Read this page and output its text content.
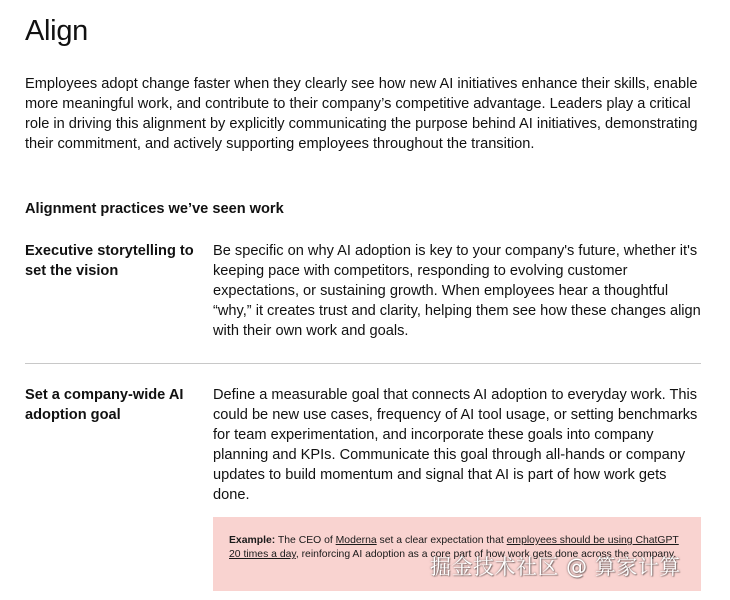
Align

Employees adopt change faster when they clearly see how new AI initiatives enhance their skills, enable more meaningful work, and contribute to their company’s competitive advantage. Leaders play a critical role in driving this alignment by explicitly communicating the purpose behind AI initiatives, demonstrating their commitment, and actively supporting employees throughout the transition.

Alignment practices we’ve seen work

Executive storytelling to set the vision

Be specific on why AI adoption is key to your company's future, whether it's keeping pace with competitors, responding to evolving customer expectations, or sustaining growth. When employees hear a thoughtful “why,” it creates trust and clarity, helping them see how these changes align with their own work and goals.

Set a company-wide AI adoption goal

Define a measurable goal that connects AI adoption to everyday work. This could be new use cases, frequency of AI tool usage, or setting benchmarks for team experimentation, and incorporate these goals into company planning and KPIs. Communicate this goal through all-hands or company updates to build momentum and signal that AI is part of how work gets done.

Example: The CEO of Moderna set a clear expectation that employees should be using ChatGPT 20 times a day, reinforcing AI adoption as a core part of how work gets done across the company.
掘金技术社区 @ 算家计算
